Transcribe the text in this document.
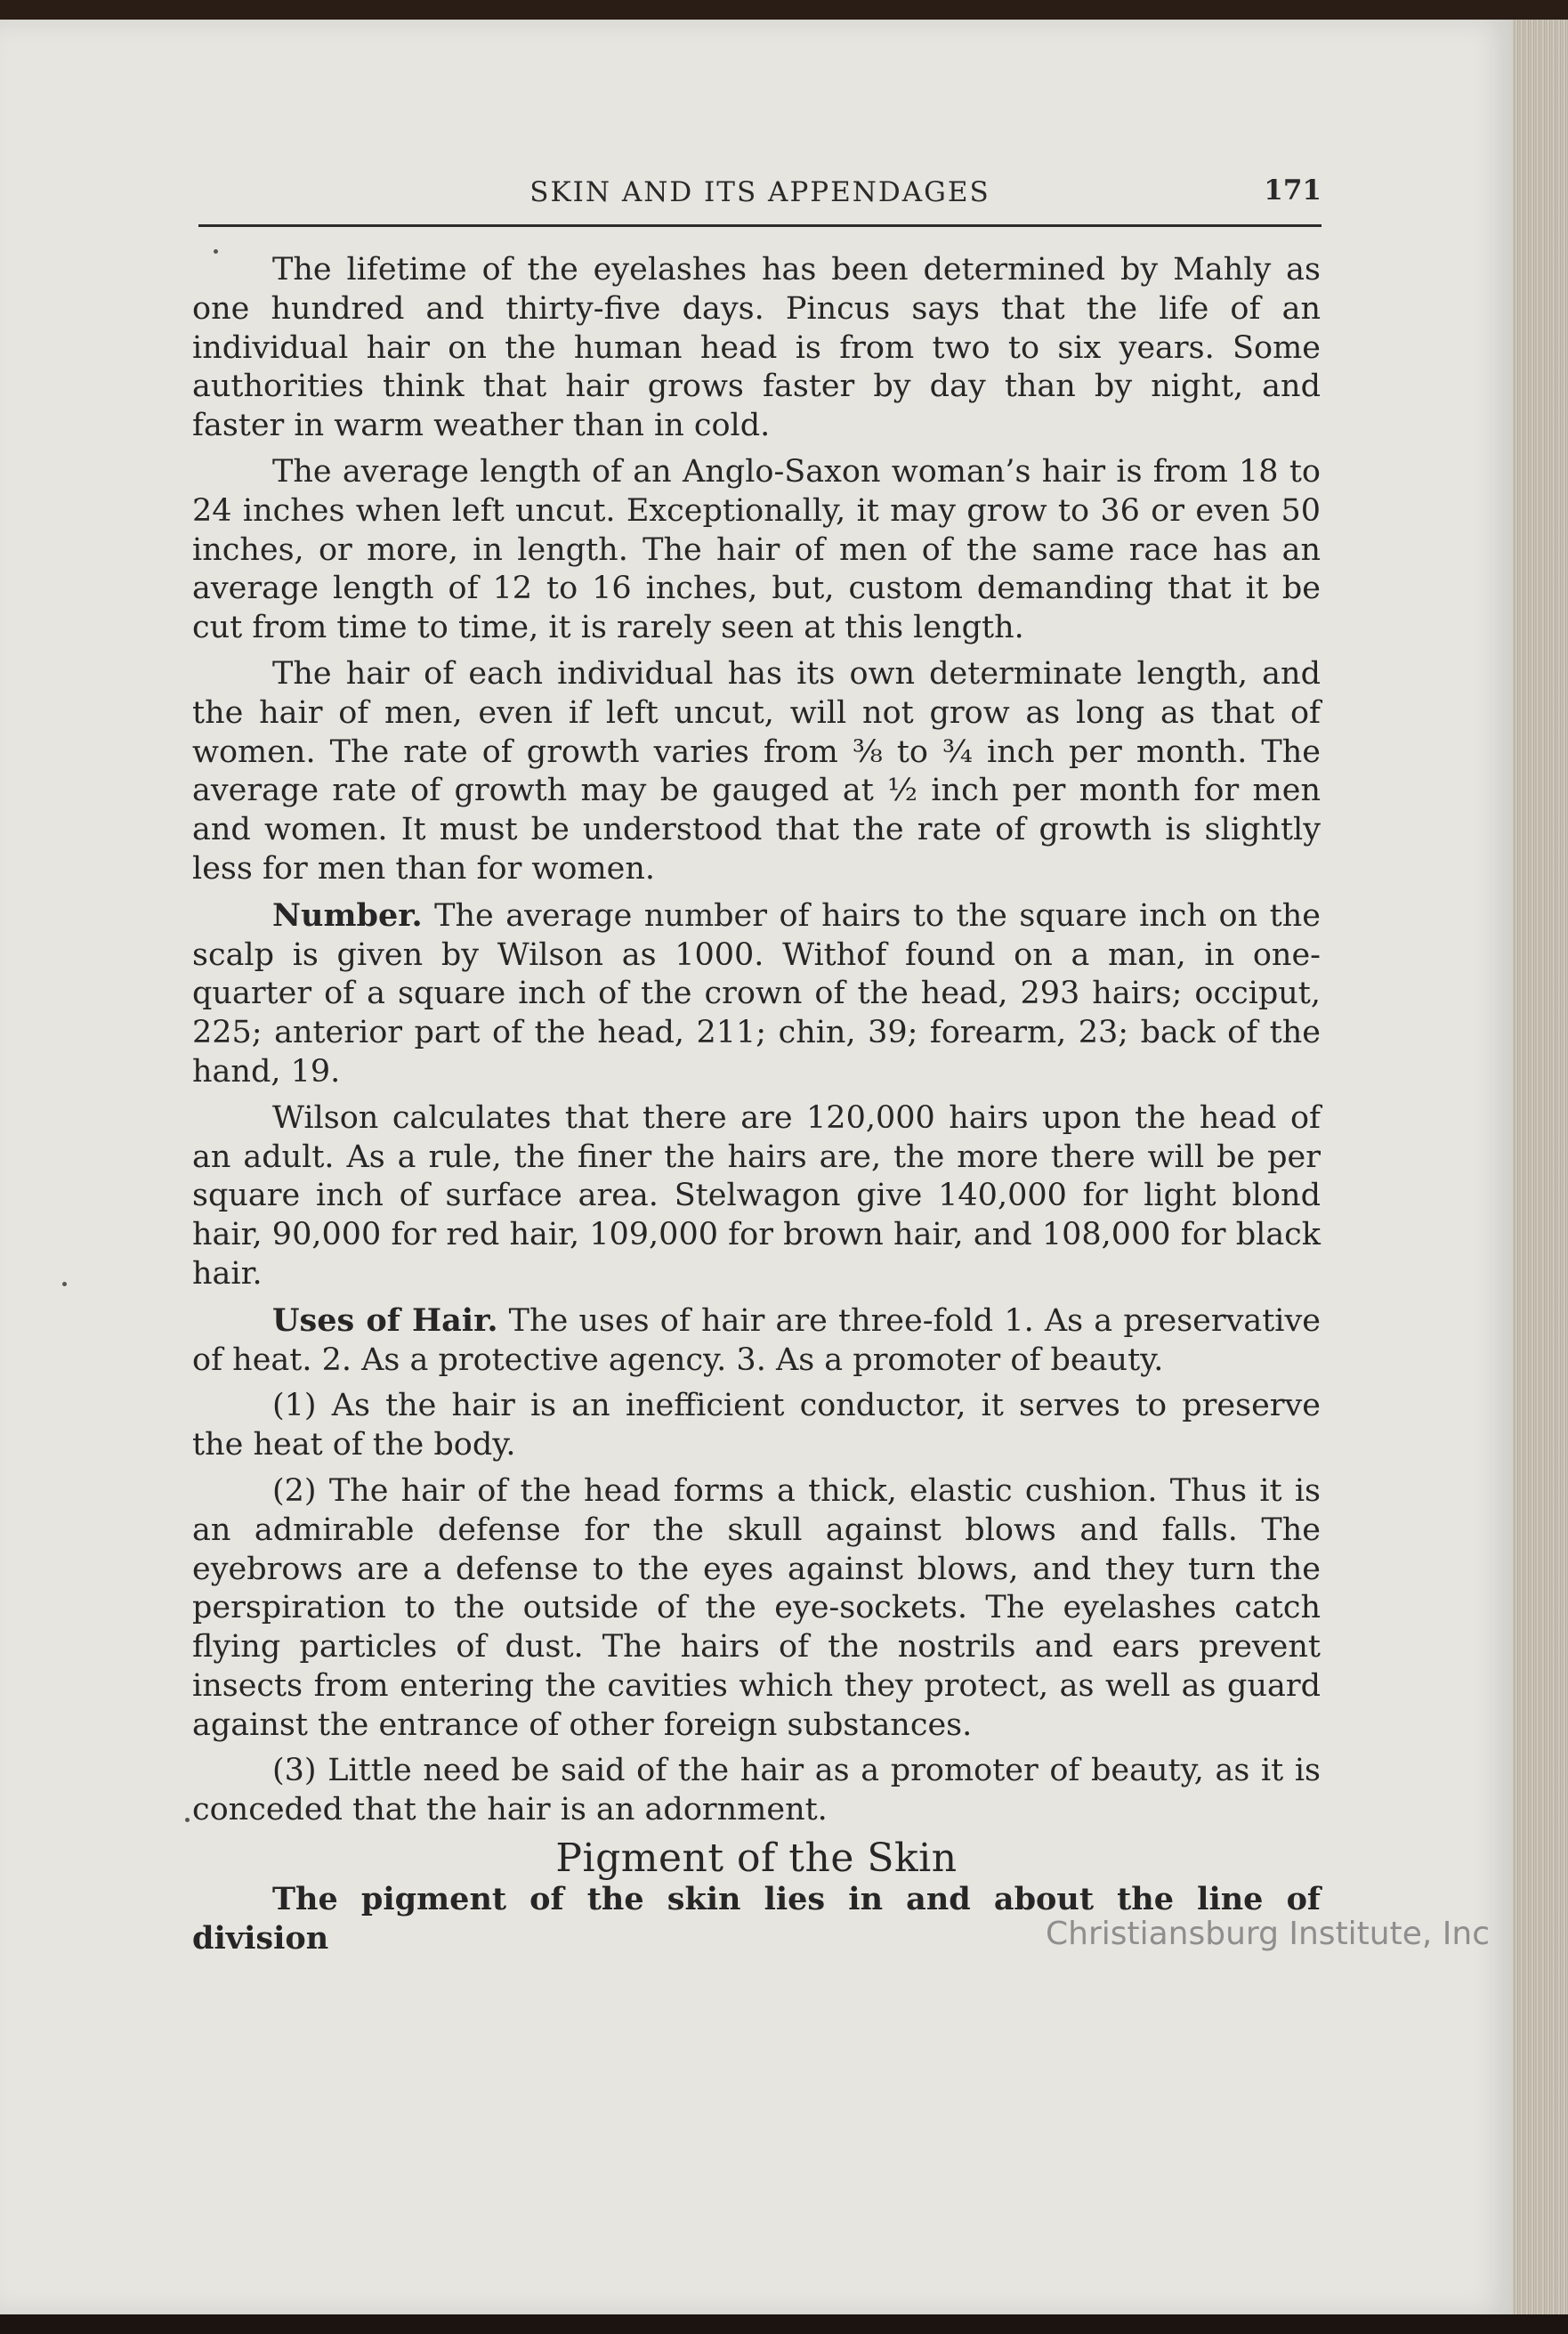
SKIN AND ITS APPENDAGES	171

The lifetime of the eyelashes has been determined by Mahly as one hundred and thirty-five days. Pincus says that the life of an individual hair on the human head is from two to six years. Some authorities think that hair grows faster by day than by night, and faster in warm weather than in cold.

The average length of an Anglo-Saxon woman’s hair is from 18 to 24 inches when left uncut. Exceptionally, it may grow to 36 or even 50 inches, or more, in length. The hair of men of the same race has an average length of 12 to 16 inches, but, custom demanding that it be cut from time to time, it is rarely seen at this length.

The hair of each individual has its own determinate length, and the hair of men, even if left uncut, will not grow as long as that of women. The rate of growth varies from ⅜ to ¾ inch per month. The average rate of growth may be gauged at ½ inch per month for men and women. It must be understood that the rate of growth is slightly less for men than for women.

Number. The average number of hairs to the square inch on the scalp is given by Wilson as 1000. Withof found on a man, in one-quarter of a square inch of the crown of the head, 293 hairs; occiput, 225; anterior part of the head, 211; chin, 39; forearm, 23; back of the hand, 19.

Wilson calculates that there are 120,000 hairs upon the head of an adult. As a rule, the finer the hairs are, the more there will be per square inch of surface area. Stelwagon give 140,000 for light blond hair, 90,000 for red hair, 109,000 for brown hair, and 108,000 for black hair.

Uses of Hair. The uses of hair are three-fold 1. As a preservative of heat. 2. As a protective agency. 3. As a promoter of beauty.

(1) As the hair is an inefficient conductor, it serves to preserve the heat of the body.

(2) The hair of the head forms a thick, elastic cushion. Thus it is an admirable defense for the skull against blows and falls. The eyebrows are a defense to the eyes against blows, and they turn the perspiration to the outside of the eye-sockets. The eyelashes catch flying particles of dust. The hairs of the nostrils and ears prevent insects from entering the cavities which they protect, as well as guard against the entrance of other foreign substances.

(3) Little need be said of the hair as a promoter of beauty, as it is conceded that the hair is an adornment.

Pigment of the Skin

The pigment of the skin lies in and about the line of division	Christiansburg Institute, Inc
